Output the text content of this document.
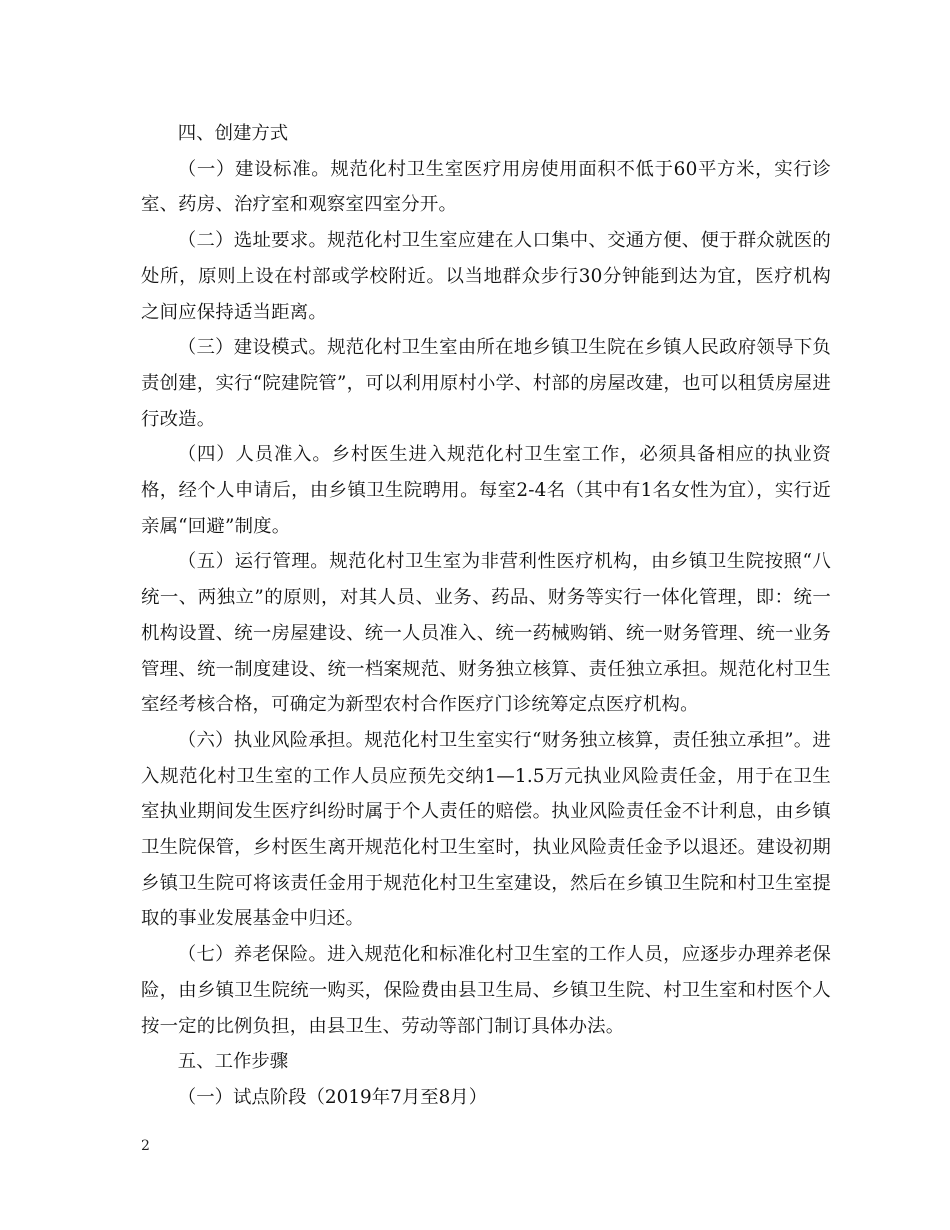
四、创建方式

（一）建设标准。规范化村卫生室医疗用房使用面积不低于60平方米，实行诊室、药房、治疗室和观察室四室分开。

（二）选址要求。规范化村卫生室应建在人口集中、交通方便、便于群众就医的处所，原则上设在村部或学校附近。以当地群众步行30分钟能到达为宜，医疗机构之间应保持适当距离。

（三）建设模式。规范化村卫生室由所在地乡镇卫生院在乡镇人民政府领导下负责创建，实行“院建院管”，可以利用原村小学、村部的房屋改建，也可以租赁房屋进行改造。

（四）人员准入。乡村医生进入规范化村卫生室工作，必须具备相应的执业资格，经个人申请后，由乡镇卫生院聘用。每室2-4名（其中有1名女性为宜），实行近亲属“回避”制度。

（五）运行管理。规范化村卫生室为非营利性医疗机构，由乡镇卫生院按照“八统一、两独立”的原则，对其人员、业务、药品、财务等实行一体化管理，即：统一机构设置、统一房屋建设、统一人员准入、统一药械购销、统一财务管理、统一业务管理、统一制度建设、统一档案规范、财务独立核算、责任独立承担。规范化村卫生室经考核合格，可确定为新型农村合作医疗门诊统筹定点医疗机构。

（六）执业风险承担。规范化村卫生室实行“财务独立核算，责任独立承担”。进入规范化村卫生室的工作人员应预先交纳1—1.5万元执业风险责任金，用于在卫生室执业期间发生医疗纠纷时属于个人责任的赔偿。执业风险责任金不计利息，由乡镇卫生院保管，乡村医生离开规范化村卫生室时，执业风险责任金予以退还。建设初期乡镇卫生院可将该责任金用于规范化村卫生室建设，然后在乡镇卫生院和村卫生室提取的事业发展基金中归还。

（七）养老保险。进入规范化和标准化村卫生室的工作人员，应逐步办理养老保险，由乡镇卫生院统一购买，保险费由县卫生局、乡镇卫生院、村卫生室和村医个人按一定的比例负担，由县卫生、劳动等部门制订具体办法。

五、工作步骤

（一）试点阶段（2019年7月至8月）

2
